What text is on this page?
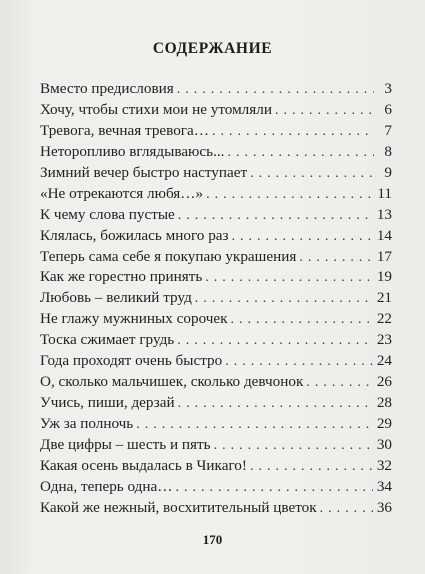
СОДЕРЖАНИЕ
Вместо предисловия . . .	3
Хочу, чтобы стихи мои не утомляли . . .	6
Тревога, вечная тревога… . . .	7
Неторопливо вглядываюсь... . . .	8
Зимний вечер быстро наступает . . .	9
«Не отрекаются любя…» . . .	11
К чему слова пустые . . .	13
Клялась, божилась много раз . . .	14
Теперь сама себе я покупаю украшения . . .	17
Как же горестно принять . . .	19
Любовь – великий труд . . .	21
Не глажу мужниных сорочек . . .	22
Тоска сжимает грудь . . .	23
Года проходят очень быстро . . .	24
О, сколько мальчишек, сколько девчонок . . .	26
Учись, пиши, дерзай . . .	28
Уж за полночь . . .	29
Две цифры – шесть и пять . . .	30
Какая осень выдалась в Чикаго! . . .	32
Одна, теперь одна… . . .	34
Какой же нежный, восхитительный цветок . . .	36
170
